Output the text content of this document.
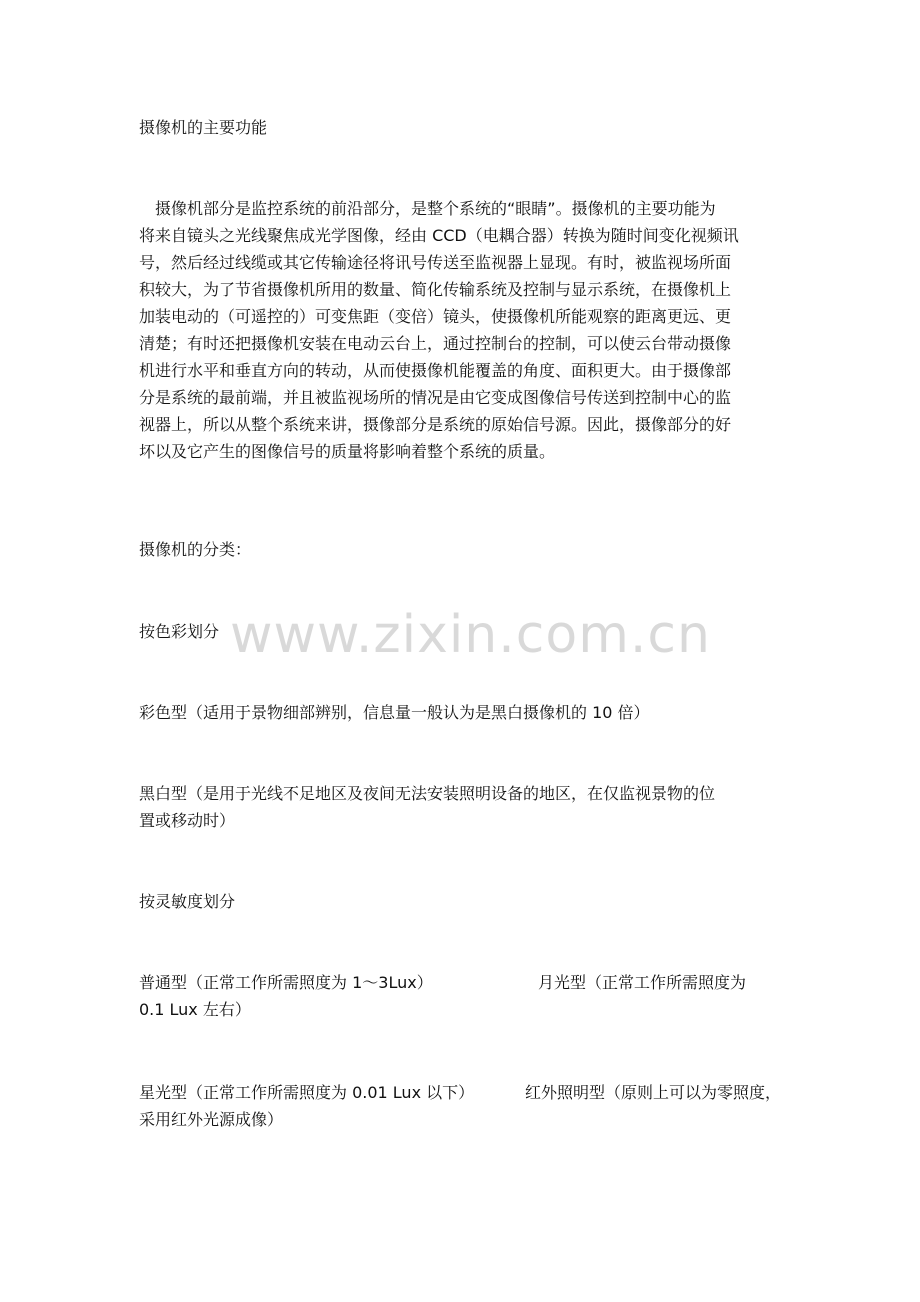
摄像机的主要功能
　摄像机部分是监控系统的前沿部分，是整个系统的“眼睛”。摄像机的主要功能为
将来自镜头之光线聚焦成光学图像，经由 CCD（电耦合器）转换为随时间变化视频讯
号，然后经过线缆或其它传输途径将讯号传送至监视器上显现。有时，被监视场所面
积较大，为了节省摄像机所用的数量、简化传输系统及控制与显示系统，在摄像机上
加装电动的（可遥控的）可变焦距（变倍）镜头，使摄像机所能观察的距离更远、更
清楚；有时还把摄像机安装在电动云台上，通过控制台的控制，可以使云台带动摄像
机进行水平和垂直方向的转动，从而使摄像机能覆盖的角度、面积更大。由于摄像部
分是系统的最前端，并且被监视场所的情况是由它变成图像信号传送到控制中心的监
视器上，所以从整个系统来讲，摄像部分是系统的原始信号源。因此，摄像部分的好
坏以及它产生的图像信号的质量将影响着整个系统的质量。
摄像机的分类：
按色彩划分 www.zixin.com.cn
彩色型（适用于景物细部辨别，信息量一般认为是黑白摄像机的 10 倍）
黑白型（是用于光线不足地区及夜间无法安装照明设备的地区，在仅监视景物的位
置或移动时）
按灵敏度划分
普通型（正常工作所需照度为 1～3Lux）	月光型（正常工作所需照度为
0.1 Lux 左右）
星光型（正常工作所需照度为 0.01 Lux 以下）	红外照明型（原则上可以为零照度，
采用红外光源成像）
